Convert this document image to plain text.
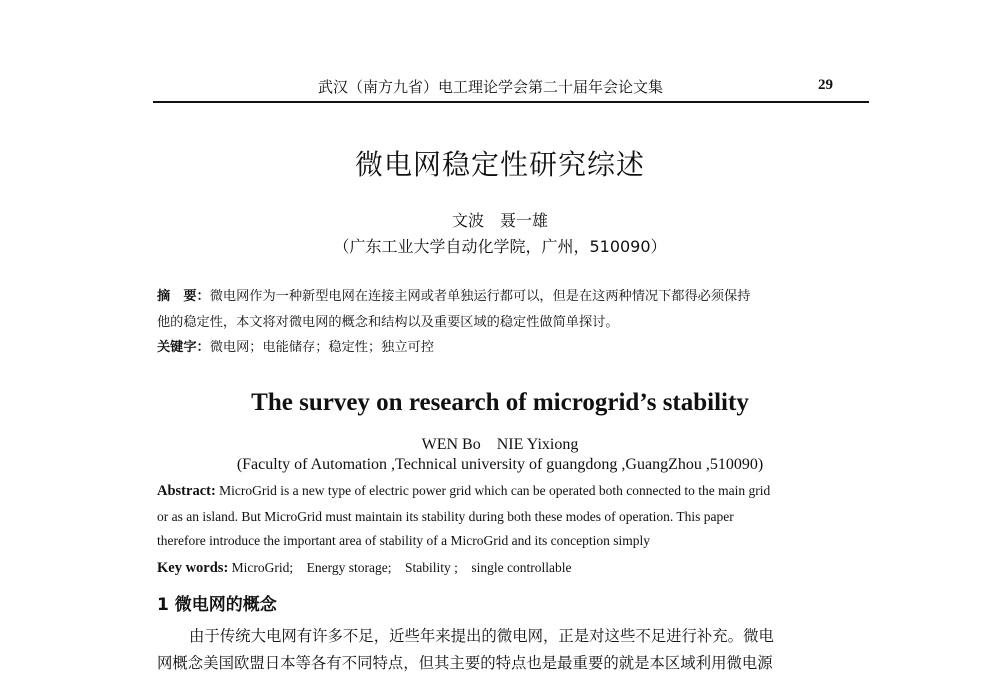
武汉（南方九省）电工理论学会第二十届年会论文集	29
微电网稳定性研究综述
文波　聂一雄
（广东工业大学自动化学院，广州，510090）
摘　要：微电网作为一种新型电网在连接主网或者单独运行都可以，但是在这两种情况下都得必须保持
他的稳定性，本文将对微电网的概念和结构以及重要区域的稳定性做简单探讨。
关键字：微电网；电能储存；稳定性；独立可控
The survey on research of microgrid’s stability
WEN Bo　NIE Yixiong
(Faculty of Automation ,Technical university of guangdong ,GuangZhou ,510090)
Abstract: MicroGrid is a new type of electric power grid which can be operated both connected to the main grid
or as an island. But MicroGrid must maintain its stability during both these modes of operation. This paper
therefore introduce the important area of stability of a MicroGrid and its conception simply
Key words: MicroGrid;　Energy storage;　Stability ;　single controllable
1 微电网的概念
由于传统大电网有许多不足，近些年来提出的微电网，正是对这些不足进行补充。微电
网概念美国欧盟日本等各有不同特点，但其主要的特点也是最重要的就是本区域利用微电源
